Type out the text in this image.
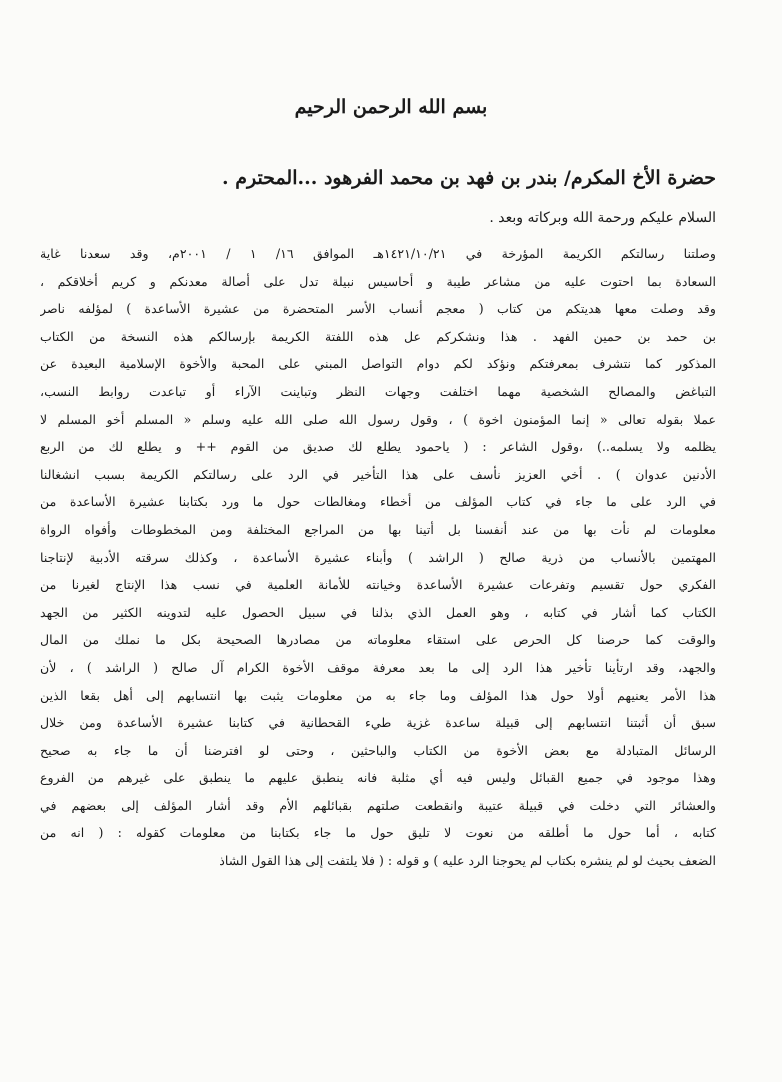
بسم الله الرحمن الرحيم
حضرة الأخ المكرم/ بندر بن فهد بن محمد الفرهود ...المحترم .
السلام عليكم ورحمة الله وبركاته وبعد .
وصلتنا رسالتكم الكريمة المؤرخة في ١٤٢١/١٠/٢١هـ الموافق ١٦/ ١ / ٢٠٠١م، وقد سعدنا غاية
السعادة بما احتوت عليه من مشاعر طيبة و أحاسيس نبيلة تدل على أصالة معدنكم و كريم أخلاقكم ،
وقد وصلت معها هديتكم من كتاب ( معجم أنساب الأسر المتحضرة من عشيرة الأساعدة ) لمؤلفه ناصر
بن حمد بن حمين الفهد . هذا ونشكركم عل هذه اللفتة الكريمة بإرسالكم هذه النسخة من الكتاب
المذكور كما نتشرف بمعرفتكم ونؤكد لكم دوام التواصل المبني على المحبة والأخوة الإسلامية البعيدة عن
التباغض والمصالح الشخصية مهما اختلفت وجهات النظر وتباينت الآراء أو تباعدت روابط النسب،
عملا بقوله تعالى « إنما المؤمنون اخوة ) ، وقول رسول الله صلى الله عليه وسلم « المسلم أخو المسلم لا
يظلمه ولا يسلمه..) ،وقول الشاعر : ( ياحمود يطلع لك صديق من القوم ++ و يطلع لك من الربع
الأدنين عدوان ) . أخي العزيز نأسف على هذا التأخير في الرد على رسالتكم الكريمة بسبب انشغالنا
في الرد على ما جاء في كتاب المؤلف من أخطاء ومغالطات حول ما ورد بكتابنا عشيرة الأساعدة من
معلومات لم نأت بها من عند أنفسنا بل أتينا بها من المراجع المختلفة ومن المخطوطات وأفواه الرواة
المهتمين بالأنساب من ذرية صالح ( الراشد ) وأبناء عشيرة الأساعدة ، وكذلك سرقته الأدبية لإنتاجنا
الفكري حول تقسيم وتفرعات عشيرة الأساعدة وخيانته للأمانة العلمية في نسب هذا الإنتاج لغيرنا من
الكتاب كما أشار في كتابه ، وهو العمل الذي بذلنا في سبيل الحصول عليه لتدوينه الكثير من الجهد
والوقت كما حرصنا كل الحرص على استقاء معلوماته من مصادرها الصحيحة بكل ما نملك من المال
والجهد، وقد ارتأينا تأخير هذا الرد إلى ما بعد معرفة موقف الأخوة الكرام آل صالح ( الراشد ) ، لأن
هذا الأمر يعنيهم أولا حول هذا المؤلف وما جاء به من معلومات يثبت بها انتسابهم إلى أهل بقعا الذين
سبق أن أثبتنا انتسابهم إلى قبيلة ساعدة غزية طيء القحطانية في كتابنا عشيرة الأساعدة ومن خلال
الرسائل المتبادلة مع بعض الأخوة من الكتاب والباحثين ، وحتى لو افترضنا أن ما جاء به صحيح
وهذا موجود في جميع القبائل وليس فيه أي مثلبة فانه ينطبق عليهم ما ينطبق على غيرهم من الفروع
والعشائر التي دخلت في قبيلة عتيبة وانقطعت صلتهم بقبائلهم الأم وقد أشار المؤلف إلى بعضهم في
كتابه ، أما حول ما أطلقه من نعوت لا تليق حول ما جاء بكتابنا من معلومات كقوله : ( انه من
الضعف بحيث لو لم ينشره بكتاب لم يحوجنا الرد عليه ) و قوله : ( فلا يلتفت إلى هذا القول الشاذ
